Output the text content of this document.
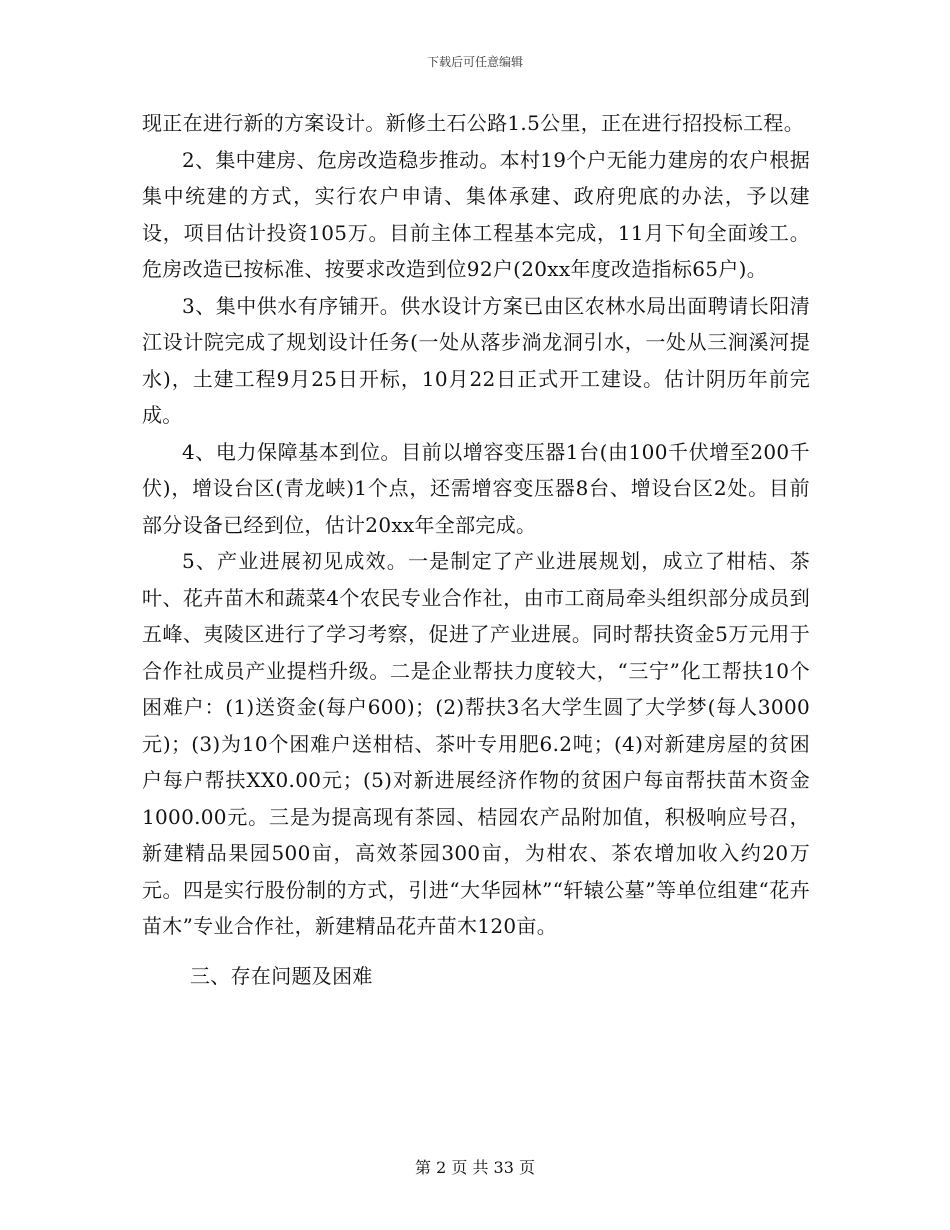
下载后可任意编辑

现正在进行新的方案设计。新修土石公路1.5公里，正在进行招投标工程。

2、集中建房、危房改造稳步推动。本村19个户无能力建房的农户根据集中统建的方式，实行农户申请、集体承建、政府兜底的办法，予以建设，项目估计投资105万。目前主体工程基本完成，11月下旬全面竣工。危房改造已按标准、按要求改造到位92户(20xx年度改造指标65户)。

3、集中供水有序铺开。供水设计方案已由区农林水局出面聘请长阳清江设计院完成了规划设计任务(一处从落步淌龙洞引水，一处从三涧溪河提水)，土建工程9月25日开标，10月22日正式开工建设。估计阴历年前完成。

4、电力保障基本到位。目前以增容变压器1台(由100千伏增至200千伏)，增设台区(青龙峡)1个点，还需增容变压器8台、增设台区2处。目前部分设备已经到位，估计20xx年全部完成。

5、产业进展初见成效。一是制定了产业进展规划，成立了柑桔、茶叶、花卉苗木和蔬菜4个农民专业合作社，由市工商局牵头组织部分成员到五峰、夷陵区进行了学习考察，促进了产业进展。同时帮扶资金5万元用于合作社成员产业提档升级。二是企业帮扶力度较大，“三宁”化工帮扶10个困难户：(1)送资金(每户600)；(2)帮扶3名大学生圆了大学梦(每人3000元)；(3)为10个困难户送柑桔、茶叶专用肥6.2吨；(4)对新建房屋的贫困户每户帮扶XX0.00元；(5)对新进展经济作物的贫困户每亩帮扶苗木资金1000.00元。三是为提高现有茶园、桔园农产品附加值，积极响应号召，新建精品果园500亩，高效茶园300亩，为柑农、茶农增加收入约20万元。四是实行股份制的方式，引进“大华园林”“轩辕公墓”等单位组建“花卉苗木”专业合作社，新建精品花卉苗木120亩。

三、存在问题及困难

第 2 页 共 33 页
